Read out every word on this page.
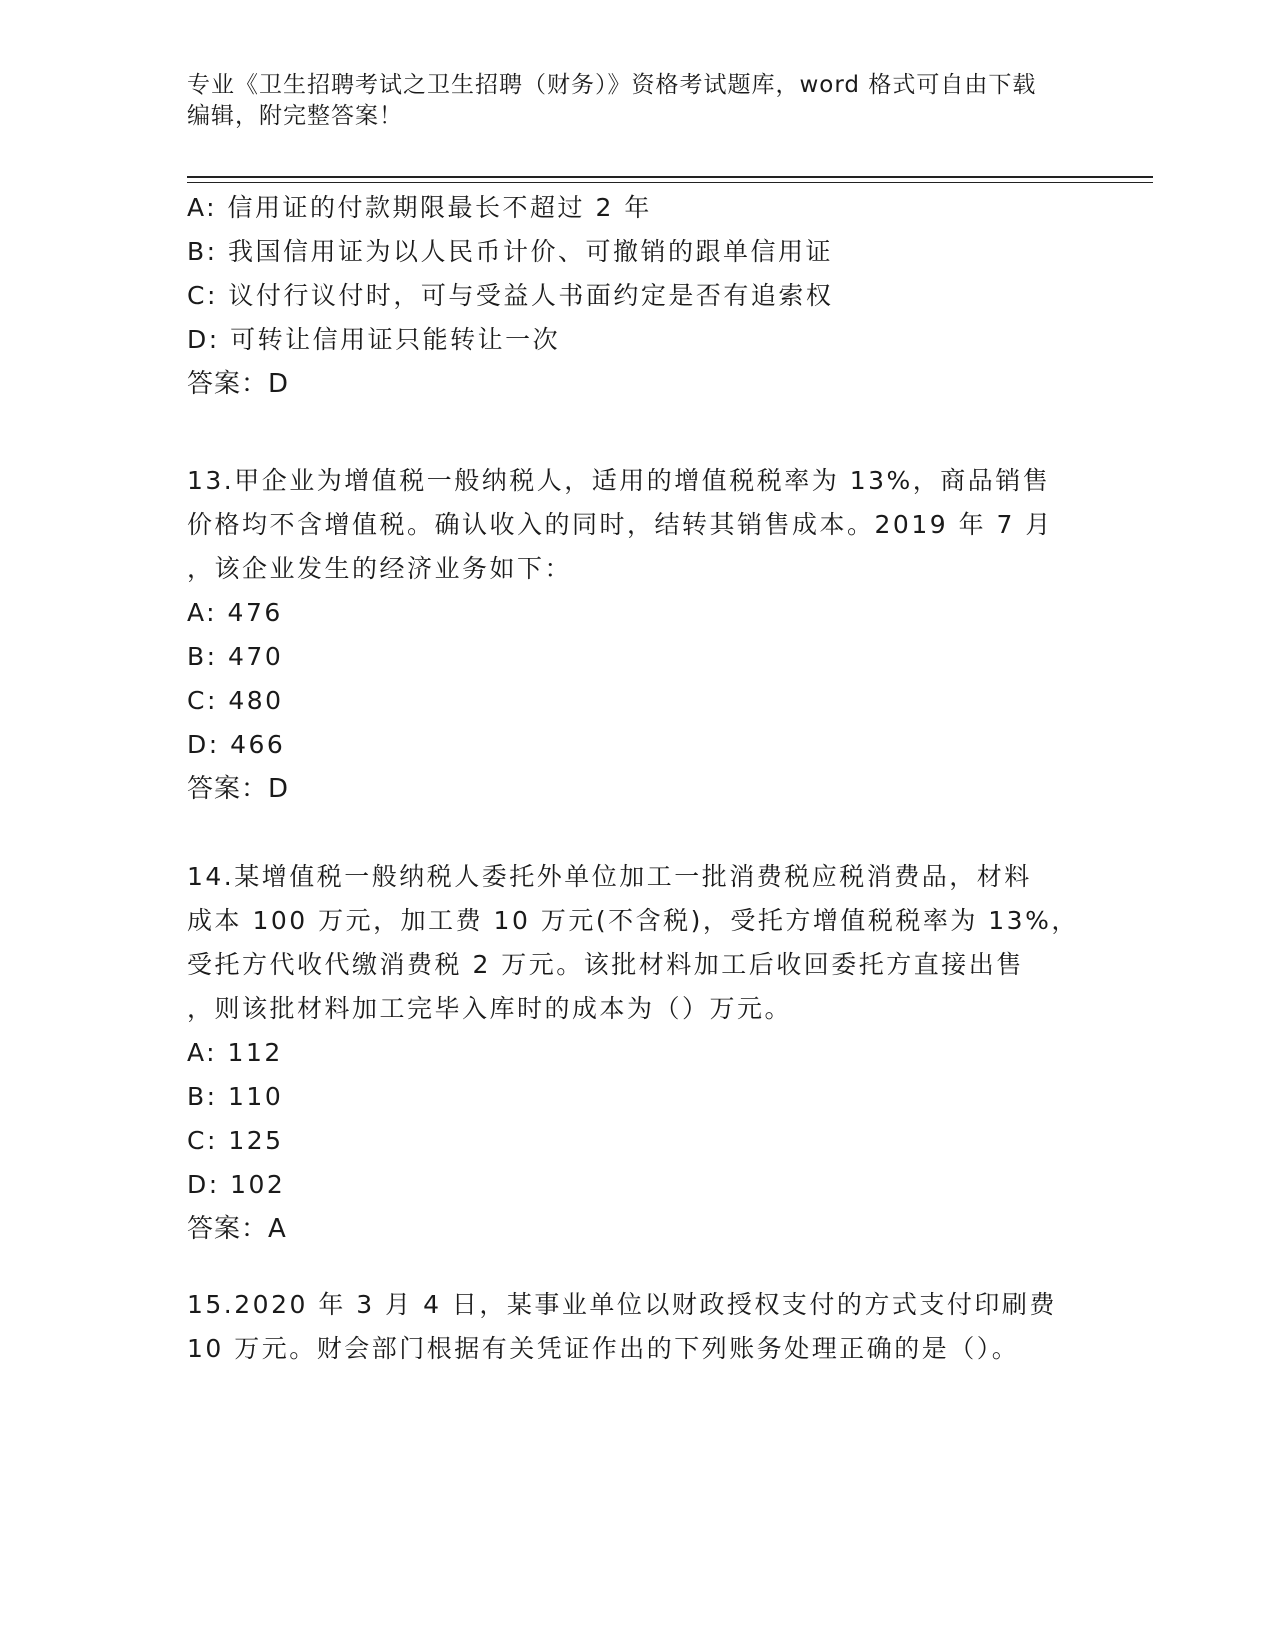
专业《卫生招聘考试之卫生招聘（财务）》资格考试题库，word 格式可自由下载
编辑，附完整答案！
A: 信用证的付款期限最长不超过 2 年
B: 我国信用证为以人民币计价、可撤销的跟单信用证
C: 议付行议付时，可与受益人书面约定是否有追索权
D: 可转让信用证只能转让一次
答案：D
13.甲企业为增值税一般纳税人，适用的增值税税率为 13%，商品销售
价格均不含增值税。确认收入的同时，结转其销售成本。2019 年 7 月
，该企业发生的经济业务如下：
A: 476
B: 470
C: 480
D: 466
答案：D
14.某增值税一般纳税人委托外单位加工一批消费税应税消费品，材料
成本 100 万元，加工费 10 万元(不含税)，受托方增值税税率为 13%，
受托方代收代缴消费税 2 万元。该批材料加工后收回委托方直接出售
，则该批材料加工完毕入库时的成本为（）万元。
A: 112
B: 110
C: 125
D: 102
答案：A
15.2020 年 3 月 4 日，某事业单位以财政授权支付的方式支付印刷费
10 万元。财会部门根据有关凭证作出的下列账务处理正确的是（）。
